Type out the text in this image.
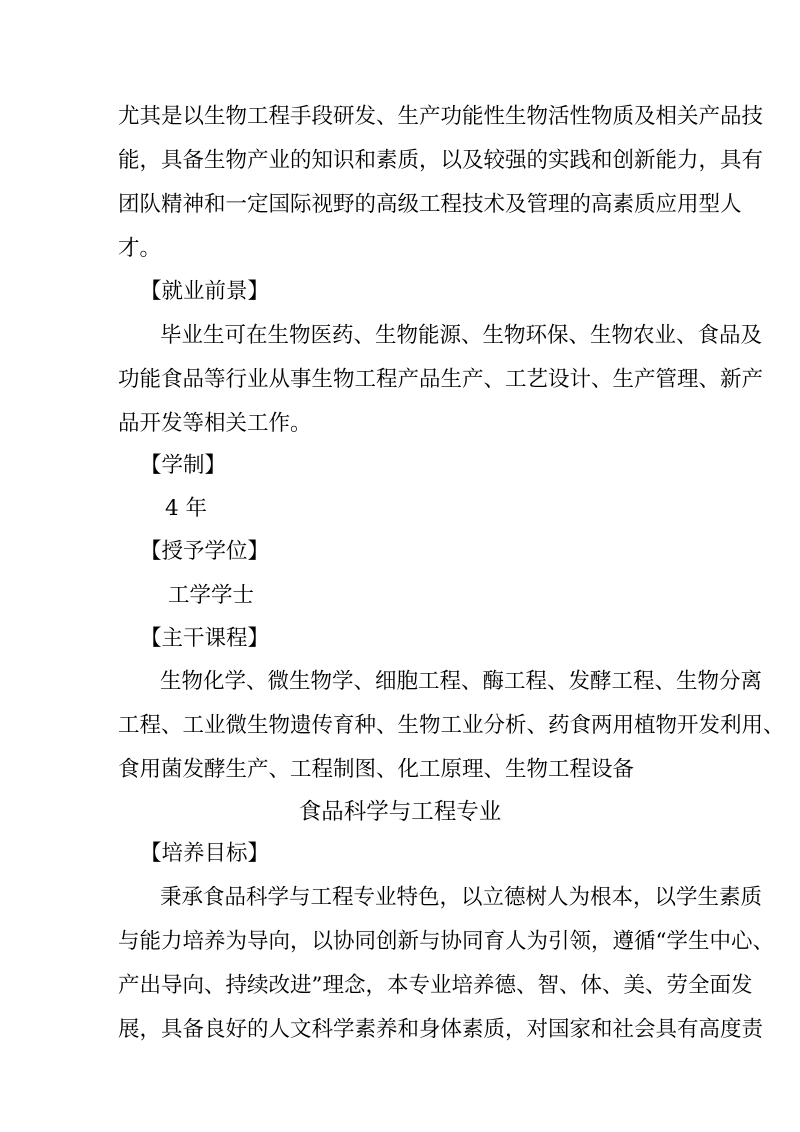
尤其是以生物工程手段研发、生产功能性生物活性物质及相关产品技
能，具备生物产业的知识和素质，以及较强的实践和创新能力，具有
团队精神和一定国际视野的高级工程技术及管理的高素质应用型人
才。
【就业前景】
毕业生可在生物医药、生物能源、生物环保、生物农业、食品及
功能食品等行业从事生物工程产品生产、工艺设计、生产管理、新产
品开发等相关工作。
【学制】
4 年
【授予学位】
工学学士
【主干课程】
生物化学、微生物学、细胞工程、酶工程、发酵工程、生物分离
工程、工业微生物遗传育种、生物工业分析、药食两用植物开发利用、
食用菌发酵生产、工程制图、化工原理、生物工程设备
食品科学与工程专业
【培养目标】
秉承食品科学与工程专业特色，以立德树人为根本，以学生素质
与能力培养为导向，以协同创新与协同育人为引领，遵循“学生中心、
产出导向、持续改进”理念，本专业培养德、智、体、美、劳全面发
展，具备良好的人文科学素养和身体素质，对国家和社会具有高度责
